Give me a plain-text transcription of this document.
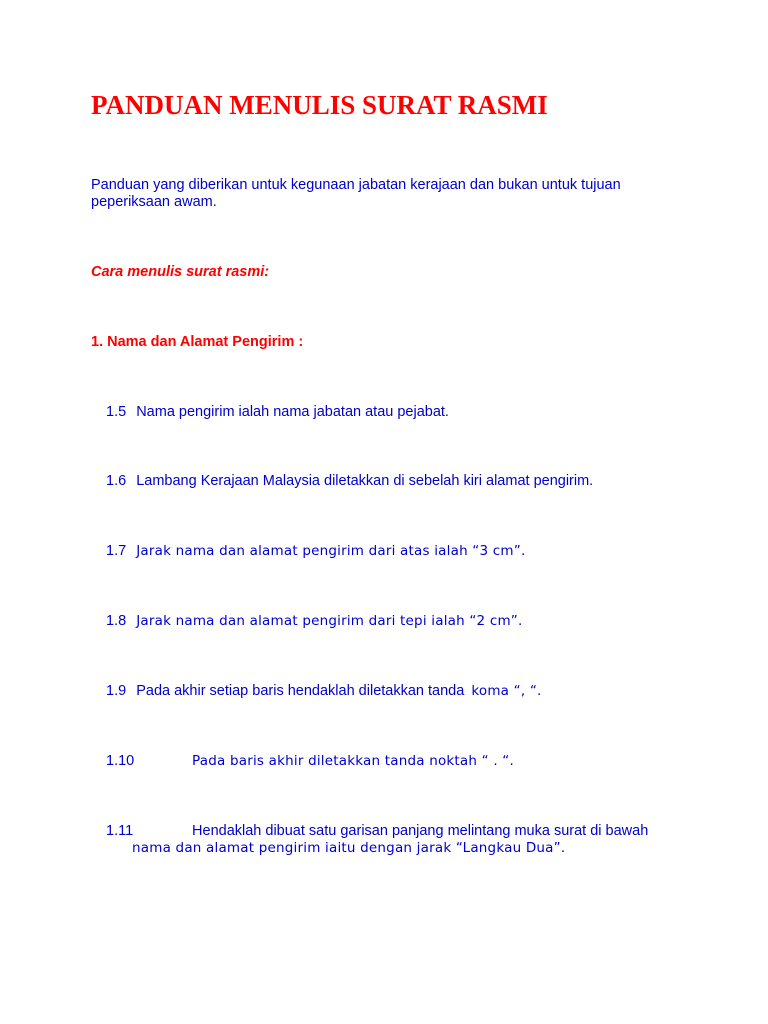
PANDUAN MENULIS SURAT RASMI

Panduan yang diberikan untuk kegunaan jabatan kerajaan dan bukan untuk tujuan peperiksaan awam.

Cara menulis surat rasmi:

1. Nama dan Alamat Pengirim :

1.5 Nama pengirim ialah nama jabatan atau pejabat.
1.6 Lambang Kerajaan Malaysia diletakkan di sebelah kiri alamat pengirim.
1.7 Jarak nama dan alamat pengirim dari atas ialah “3 cm”.
1.8 Jarak nama dan alamat pengirim dari tepi ialah “2 cm”.
1.9 Pada akhir setiap baris hendaklah diletakkan tanda koma “, “.
1.10	Pada baris akhir diletakkan tanda noktah “ . “.
1.11	Hendaklah dibuat satu garisan panjang melintang muka surat di bawah
nama dan alamat pengirim iaitu dengan jarak “Langkau Dua”.
